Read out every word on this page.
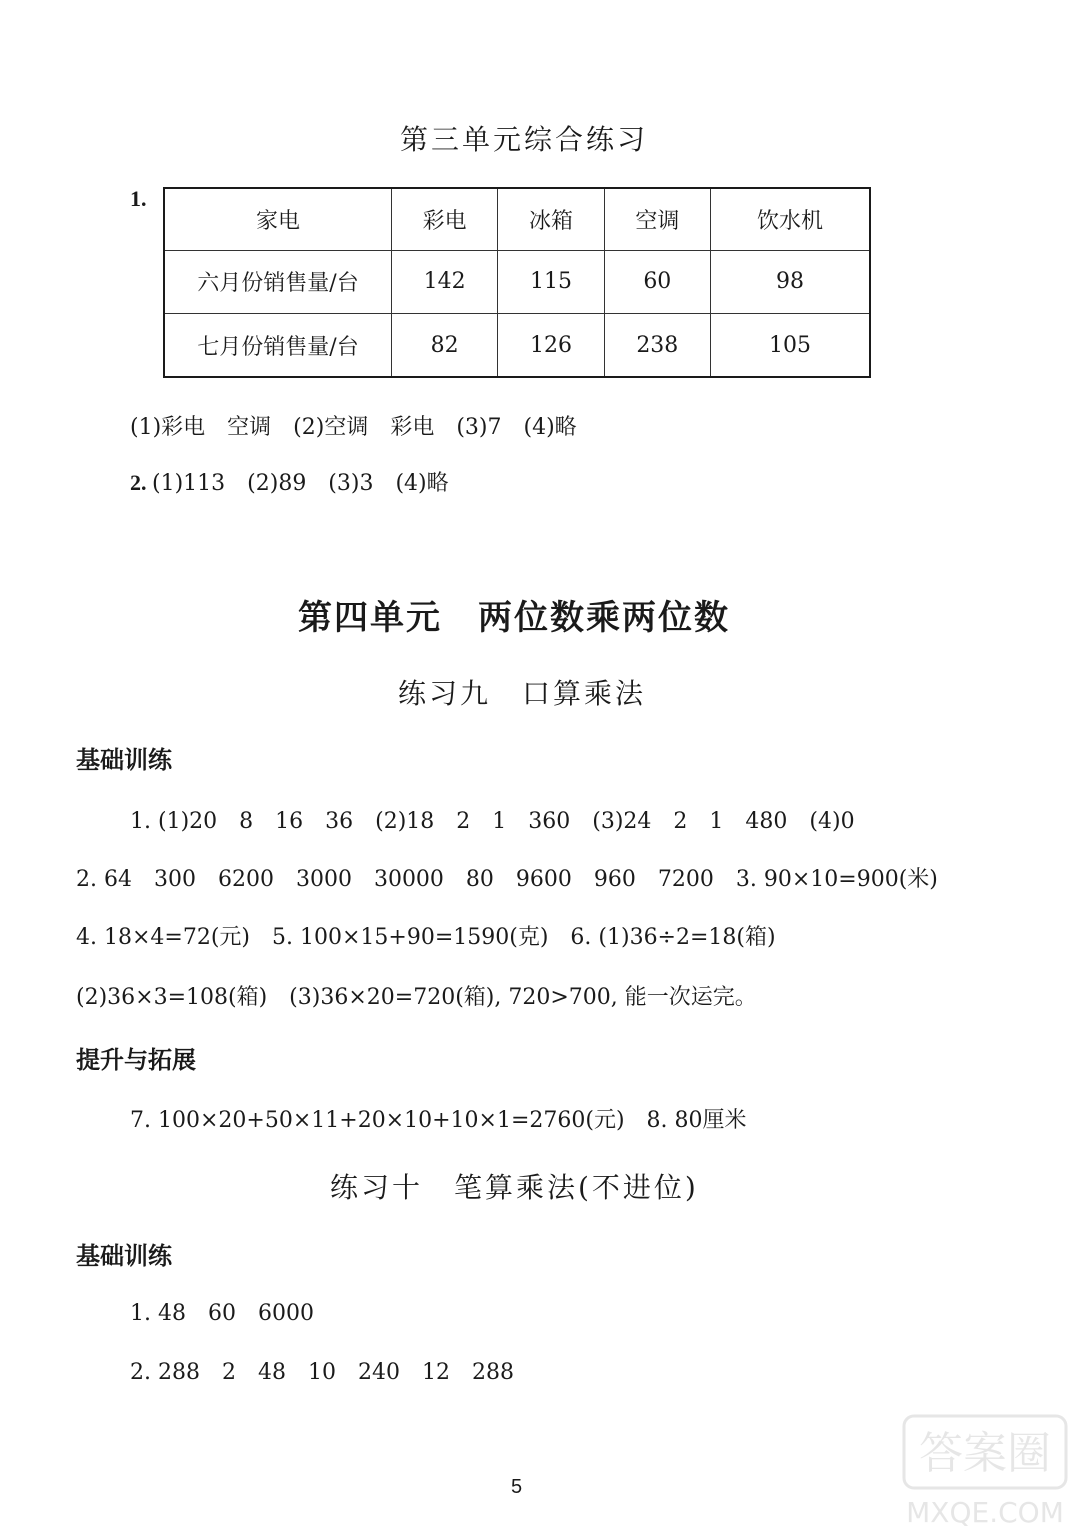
第三单元综合练习
1.
家电	彩电	冰箱	空调	饮水机
六月份销售量/台	142	115	60	98
七月份销售量/台	82	126	238	105
(1)彩电　空调　(2)空调　彩电　(3)7　(4)略
2. (1)113　(2)89　(3)3　(4)略
第四单元　两位数乘两位数
练习九　口算乘法
基础训练
1. (1)20　8　16　36　(2)18　2　1　360　(3)24　2　1　480　(4)0
2. 64　300　6200　3000　30000　80　9600　960　7200　3. 90×10=900(米)
4. 18×4=72(元)　5. 100×15+90=1590(克)　6. (1)36÷2=18(箱)
(2)36×3=108(箱)　(3)36×20=720(箱), 720>700, 能一次运完。
提升与拓展
7. 100×20+50×11+20×10+10×1=2760(元)　8. 80厘米
练习十　笔算乘法(不进位)
基础训练
1. 48　60　6000
2. 288　2　48　10　240　12　288
5
答案圈
MXQE.COM
